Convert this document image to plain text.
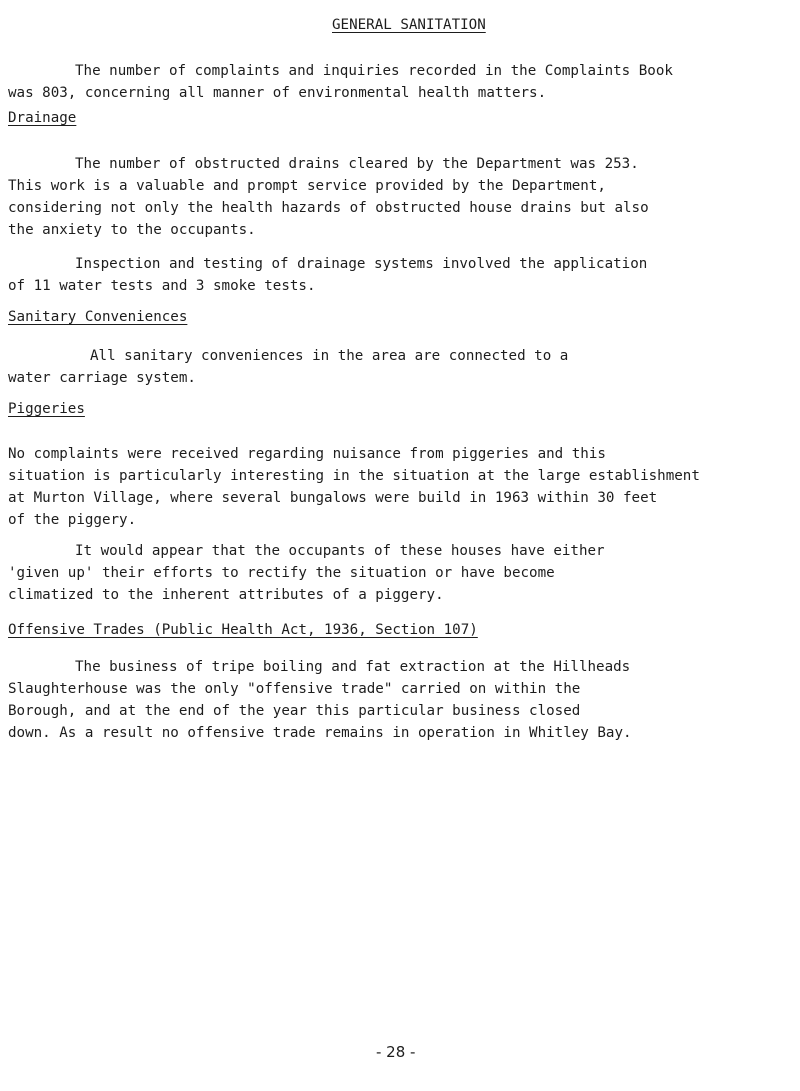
GENERAL SANITATION
The number of complaints and inquiries recorded in the Complaints Book
was 803, concerning all manner of environmental health matters.
Drainage
The number of obstructed drains cleared by the Department was 253.
This work is a valuable and prompt service provided by the Department,
considering not only the health hazards of obstructed house drains but also
the anxiety to the occupants.
Inspection and testing of drainage systems involved the application
of 11 water tests and 3 smoke tests.
Sanitary Conveniences
All sanitary conveniences in the area are connected to a
water carriage system.
Piggeries
No complaints were received regarding nuisance from piggeries and this
situation is particularly interesting in the situation at the large establishment
at Murton Village, where several bungalows were build in 1963 within 30 feet
of the piggery.
It would appear that the occupants of these houses have either
'given up' their efforts to rectify the situation or have become
climatized to the inherent attributes of a piggery.
Offensive Trades (Public Health Act, 1936, Section 107)
The business of tripe boiling and fat extraction at the Hillheads
Slaughterhouse was the only "offensive trade" carried on within the
Borough, and at the end of the year this particular business closed
down. As a result no offensive trade remains in operation in Whitley Bay.
- 28 -
